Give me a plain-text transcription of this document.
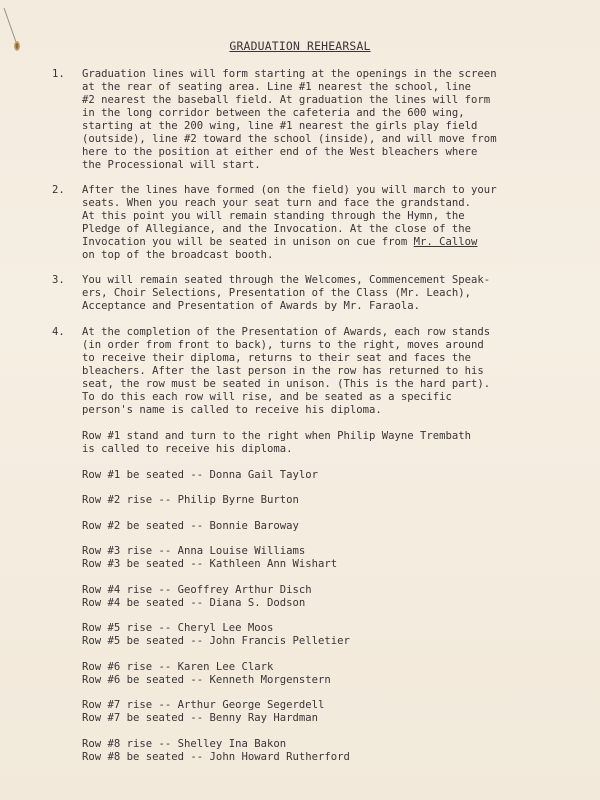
GRADUATION REHEARSAL
1. Graduation lines will form starting at the openings in the screen
at the rear of seating area. Line #1 nearest the school, line
#2 nearest the baseball field. At graduation the lines will form
in the long corridor between the cafeteria and the 600 wing,
starting at the 200 wing, line #1 nearest the girls play field
(outside), line #2 toward the school (inside), and will move from
here to the position at either end of the West bleachers where
the Processional will start.
2. After the lines have formed (on the field) you will march to your
seats. When you reach your seat turn and face the grandstand.
At this point you will remain standing through the Hymn, the
Pledge of Allegiance, and the Invocation. At the close of the
Invocation you will be seated in unison on cue from Mr. Callow
on top of the broadcast booth.
3. You will remain seated through the Welcomes, Commencement Speak-
ers, Choir Selections, Presentation of the Class (Mr. Leach),
Acceptance and Presentation of Awards by Mr. Faraola.
4. At the completion of the Presentation of Awards, each row stands
(in order from front to back), turns to the right, moves around
to receive their diploma, returns to their seat and faces the
bleachers. After the last person in the row has returned to his
seat, the row must be seated in unison. (This is the hard part).
To do this each row will rise, and be seated as a specific
person's name is called to receive his diploma.
Row #1 stand and turn to the right when Philip Wayne Trembath
is called to receive his diploma.
Row #1 be seated -- Donna Gail Taylor
Row #2 rise -- Philip Byrne Burton
Row #2 be seated -- Bonnie Baroway
Row #3 rise -- Anna Louise Williams
Row #3 be seated -- Kathleen Ann Wishart
Row #4 rise -- Geoffrey Arthur Disch
Row #4 be seated -- Diana S. Dodson
Row #5 rise -- Cheryl Lee Moos
Row #5 be seated -- John Francis Pelletier
Row #6 rise -- Karen Lee Clark
Row #6 be seated -- Kenneth Morgenstern
Row #7 rise -- Arthur George Segerdell
Row #7 be seated -- Benny Ray Hardman
Row #8 rise -- Shelley Ina Bakon
Row #8 be seated -- John Howard Rutherford
